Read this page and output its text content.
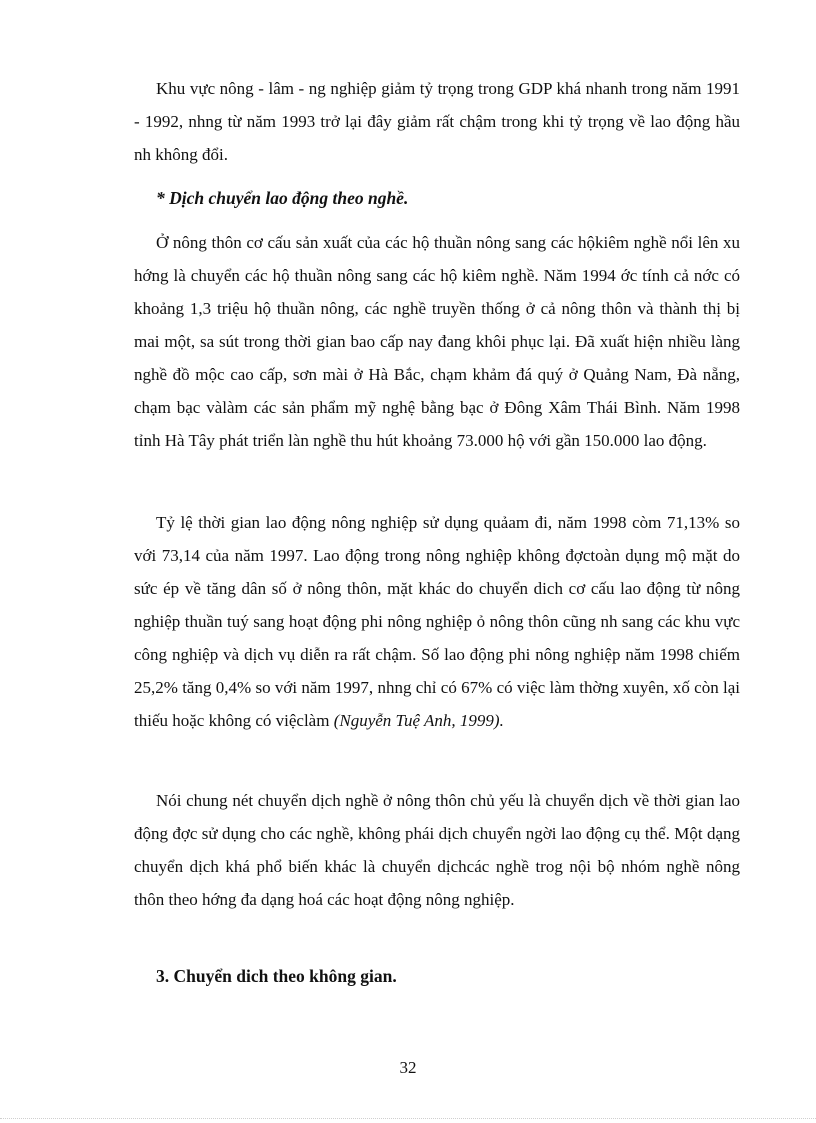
Khu vực nông - lâm - ng nghiệp giảm tỷ trọng trong GDP khá nhanh trong năm 1991 - 1992, nhng từ năm 1993 trở lại đây giảm rất chậm trong khi tỷ trọng về lao động hầu nh không đổi.

* Dịch chuyển lao động theo nghề.

Ở nông thôn cơ cấu sản xuất của các hộ thuần nông sang các hộkiêm nghề nổi lên xu hớng là chuyển các hộ thuần nông sang các hộ kiêm nghề. Năm 1994 ớc tính cả nớc có khoảng 1,3 triệu hộ thuần nông, các nghề truyền thống ở cả nông thôn và thành thị bị mai một, sa sút trong thời gian bao cấp nay đang khôi phục lại. Đã xuất hiện nhiều làng nghề đồ mộc cao cấp, sơn mài ở Hà Bắc, chạm khảm đá quý ở Quảng Nam, Đà nẵng, chạm bạc vàlàm các sản phẩm mỹ nghệ bằng bạc ở Đông Xâm Thái Bình. Năm 1998 tỉnh Hà Tây phát triển làn nghề thu hút khoảng 73.000 hộ với gần 150.000 lao động.

Tỷ lệ thời gian lao động nông nghiệp sử dụng quảam đi, năm 1998 còm 71,13% so với 73,14 của năm 1997. Lao động trong nông nghiệp không đợctoàn dụng mộ mặt do sức ép về tăng dân số ở nông thôn, mặt khác do chuyển dich cơ cấu lao động từ nông nghiệp thuần tuý sang hoạt động phi nông nghiệp ỏ nông thôn cũng nh sang các khu vực công nghiệp và dịch vụ diễn ra rất chậm. Số lao động phi nông nghiệp năm 1998 chiếm 25,2% tăng 0,4% so với năm 1997, nhng chỉ có 67% có việc làm thờng xuyên, xố còn lại thiếu hoặc không có việclàm (Nguyễn Tuệ Anh, 1999).

Nói chung nét chuyển dịch nghề ở nông thôn chủ yếu là chuyển dịch về thời gian lao động đợc sử dụng cho các nghề, không phái dịch chuyển ngời lao động cụ thể. Một dạng chuyển dịch khá phổ biến khác là chuyển dịchcác nghề trog nội bộ nhóm nghề nông thôn theo hớng đa dạng hoá các hoạt động nông nghiệp.

3. Chuyển dich theo không gian.
32
